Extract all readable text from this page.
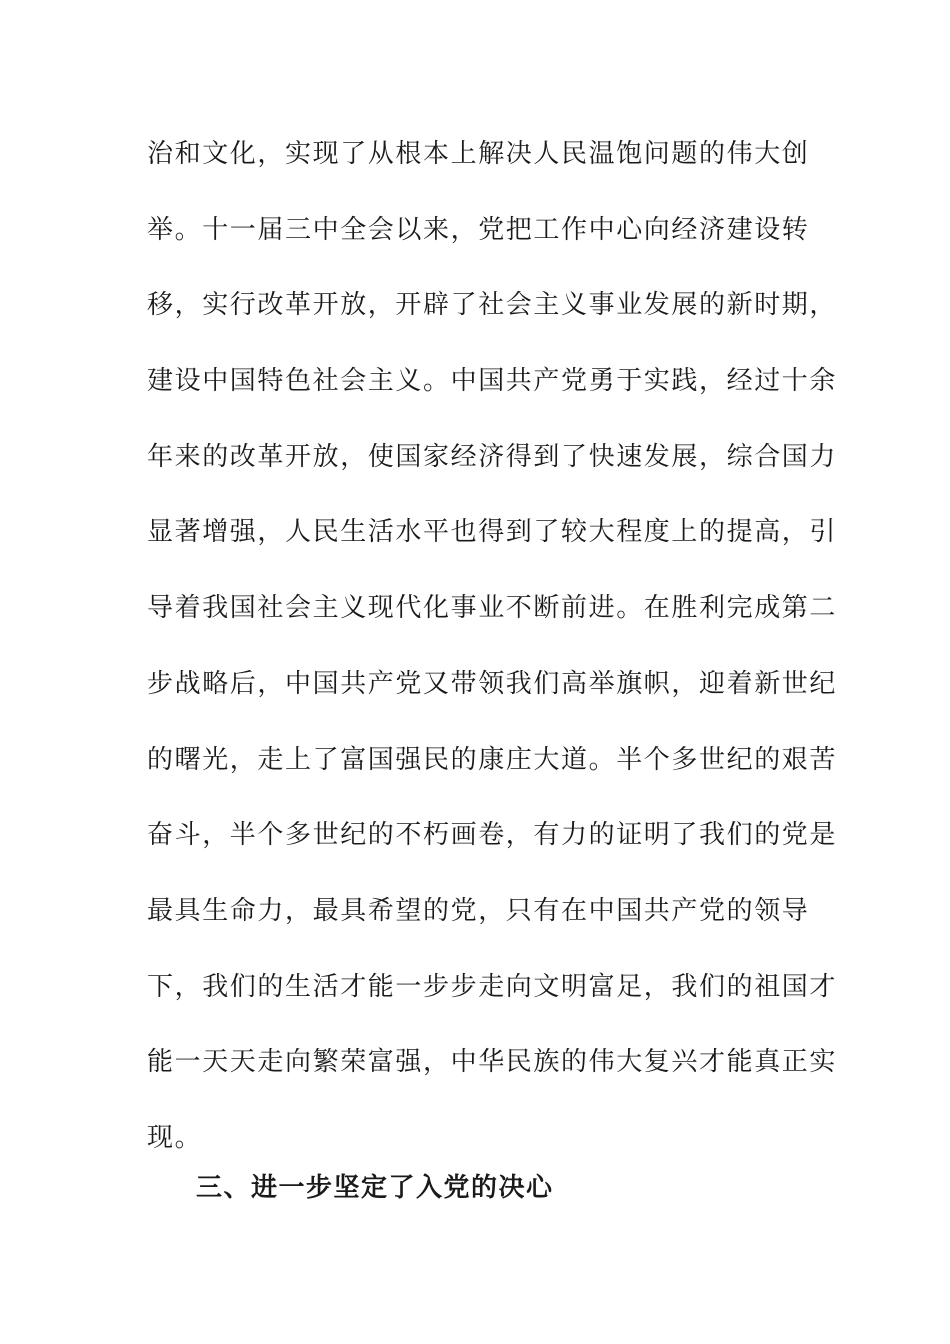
治和文化，实现了从根本上解决人民温饱问题的伟大创
举。十一届三中全会以来，党把工作中心向经济建设转
移，实行改革开放，开辟了社会主义事业发展的新时期，
建设中国特色社会主义。中国共产党勇于实践，经过十余
年来的改革开放，使国家经济得到了快速发展，综合国力
显著增强，人民生活水平也得到了较大程度上的提高，引
导着我国社会主义现代化事业不断前进。在胜利完成第二
步战略后，中国共产党又带领我们高举旗帜，迎着新世纪
的曙光，走上了富国强民的康庄大道。半个多世纪的艰苦
奋斗，半个多世纪的不朽画卷，有力的证明了我们的党是
最具生命力，最具希望的党，只有在中国共产党的领导
下，我们的生活才能一步步走向文明富足，我们的祖国才
能一天天走向繁荣富强，中华民族的伟大复兴才能真正实
现。
三、进一步坚定了入党的决心
